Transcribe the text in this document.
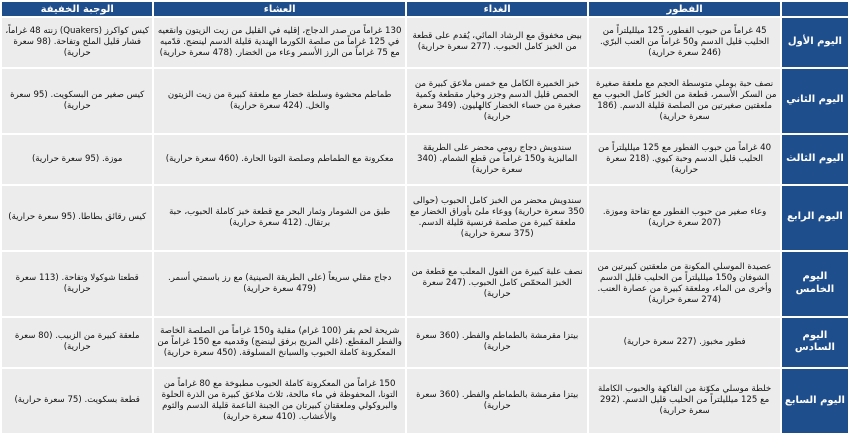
	الفطور	الغداء	العشاء	الوجبة الخفيفة
اليوم الأول	45 غراماً من حبوب الفطور، 125 ميلليلتراً من الحليب قليل الدسم و50 غراماً من العنب البرّي. (246 سعرة حرارية)	بيض مخفوق مع الرشاد المائي، يُقدم على قطعة من الخبز كامل الحبوب. (277 سعرة حرارية)	130 غراماً من صدر الدجاج، إقليه في القليل من زيت الزيتون وانقعيه في 125 غراماً من صلصة الكورما الهندية قليلة الدسم لينضج. قدّميه مع 75 غراماً من الرز الأسمر وعاء من الخضار. (478 سعرة حرارية)	كيس كواكرز (Quakers) زنته 48 غراماً، فشار قليل الملح وتفاحة. (98 سعرة حرارية)
اليوم الثاني	نصف حبة بوملي متوسطة الحجم مع ملعقة صغيرة من السكر الأسمر، قطعة من الخبز كامل الحبوب مع ملعقتين صغيرتين من الصلصة قليلة الدسم. (186 سعرة حرارية)	خبز الخميرة الكامل مع خمس ملاعق كبيرة من الحمص قليل الدسم وجزر وخيار مقطعة وكمية صغيرة من حساء الخضار كالهليون. (349 سعرة حرارية)	طماطم محشوة وسلطة خضار مع ملعقة كبيرة من زيت الزيتون والخل. (424 سعرة حرارية)	كيس صغير من البسكويت. (95 سعرة حرارية)
اليوم الثالث	40 غراماً من حبوب الفطور مع 125 ميلليلتراً من الحليب قليل الدسم وحبة كيوي. (218 سعرة حرارية)	سندويش دجاج رومي محضر على الطريقة المالبزية و150 غراماً من قطع الشمام. (340 سعرة حرارية)	معكرونة مع الطماطم وصلصة التونا الحارة. (460 سعرة حرارية)	موزة. (95 سعرة حرارية)
اليوم الرابع	وعاء صغير من حبوب الفطور مع تفاحة وموزة. (207 سعرة حرارية)	سندويش محضر من الخبز كامل الحبوب (حوالى 350 سعرة حرارية) ووعاء ملئ بأوراق الخضار مع ملعقة كبيرة من صلصة فرنسية قليلة الدسم. (375 سعرة حرارية)	طبق من الشومار وثمار البحر مع قطعة خبز كاملة الحبوب، حبة برتقال. (412 سعرة حرارية)	كيس رقائق بطاطا. (95 سعرة حرارية)
اليوم الخامس	عصيدة الموسلي المكونة من ملعقتين كبيرتين من الشوفان و150 ميلليلتراً من الحليب قليل الدسم وأخرى من الماء، وملعقة كبيرة من عصارة العنب. (274 سعرة حرارية)	نصف علبة كبيرة من الفول المعلب مع قطعة من الخبز المحمّص كامل الحبوب. (247 سعرة حرارية)	دجاج مقلي سريعاً (على الطريقة الصينية) مع رز باسمتي أسمر. (479 سعرة حرارية)	قطعتا شوكولا وتفاحة. (113 سعرة حرارية)
اليوم السادس	فطور مخبوز. (227 سعرة حرارية)	بيتزا مقرمشة بالطماطم والفطر. (360 سعرة حرارية)	شريحة لحم بقر (100 غرام) مقلية و150 غراماً من الصلصة الخاصة والفطر المقطع. (غلي المزيج برفق لينضج) وقدميه مع 150 غراماً من المعكرونة كاملة الحبوب والسبانخ المسلوقة. (450 سعرة حرارية)	ملعقة كبيرة من الزبيب. (80 سعرة حرارية)
اليوم السابع	خلطة موسلي مكوّنة من الفاكهة والحبوب الكاملة مع 125 ميلليلتراً من الحليب قليل الدسم. (292 سعرة حرارية)	بيتزا مقرمشة بالطماطم والفطر. (360 سعرة حرارية)	150 غراماً من المعكرونة كاملة الحبوب مطبوخة مع 80 غراماً من التونا، المحفوظة في ماء مالحة، ثلاث ملاعق كبيرة من الذرة الحلوة والبروكولي وملعقتان كبيرتان من الجبنة الناعمة قليلة الدسم والثوم والأعشاب. (410 سعرة حرارية)	قطعة بسكويت. (75 سعرة حرارية)
